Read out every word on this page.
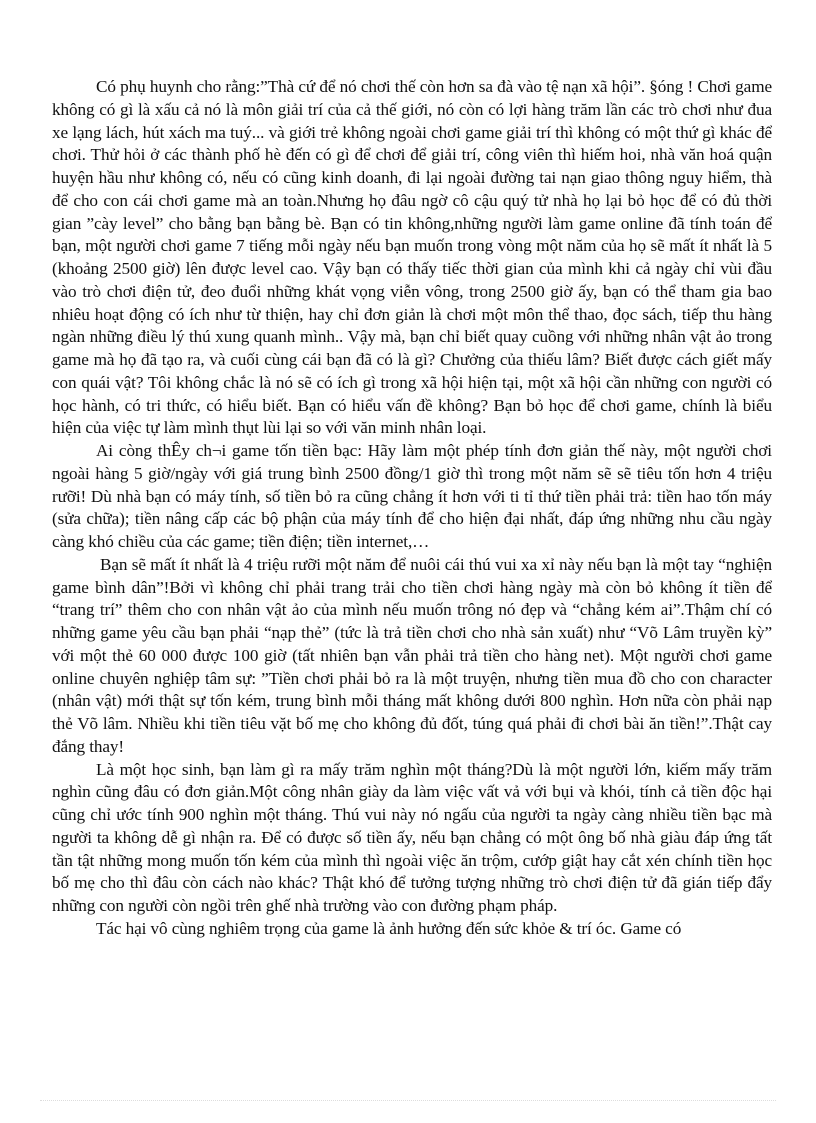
Có phụ huynh cho rằng:”Thà cứ để nó chơi thế còn hơn sa đà vào tệ nạn xã hội”. §óng ! Chơi game không có gì là xấu cả nó là môn giải trí của cả thế giới, nó còn có lợi hàng trăm lần các trò chơi như đua xe lạng lách, hút xách ma tuý... và giới trẻ không ngoài chơi game giải trí thì không có một thứ gì khác để chơi. Thử hỏi ở các thành phố hè đến có gì để chơi để giải trí, công viên thì hiếm hoi, nhà văn hoá quận huyện hầu như không có, nếu có cũng kinh doanh, đi lại ngoài đường tai nạn giao thông nguy hiểm, thà để cho con cái chơi game mà an toàn.Nhưng họ đâu ngờ cô cậu quý tử nhà họ lại bỏ học để có đủ thời gian ”cày level” cho bằng bạn bằng bè. Bạn có tin không,những người làm game online đã tính toán để bạn, một người chơi game 7 tiếng mỗi ngày nếu bạn muốn trong vòng một năm của họ sẽ mất ít nhất là 5 (khoảng 2500 giờ) lên được level cao. Vậy bạn có thấy tiếc thời gian của mình khi cả ngày chỉ vùi đầu vào trò chơi điện tử, đeo đuổi những khát vọng viễn vông, trong 2500 giờ ấy, bạn có thể tham gia bao nhiêu hoạt động có ích như từ thiện, hay chỉ đơn giản là chơi một môn thể thao, đọc sách, tiếp thu hàng ngàn những điều lý thú xung quanh mình.. Vậy mà, bạn chỉ biết quay cuồng với những nhân vật ảo trong game mà họ đã tạo ra, và cuối cùng cái bạn đã có là gì? Chưởng của thiếu lâm? Biết được cách giết mấy con quái vật? Tôi không chắc là nó sẽ có ích gì trong xã hội hiện tại, một xã hội cần những con người có học hành, có tri thức, có hiểu biết. Bạn có hiểu vấn đề không? Bạn bỏ học để chơi game, chính là biểu hiện của việc tự làm mình thụt lùi lại so với văn minh nhân loại.

Ai còng thÊy ch¬i game tốn tiền bạc: Hãy làm một phép tính đơn giản thế này, một người chơi ngoài hàng 5 giờ/ngày với giá trung bình 2500 đồng/1 giờ thì trong một năm sẽ sẽ tiêu tốn hơn 4 triệu rưỡi! Dù nhà bạn có máy tính, số tiền bỏ ra cũng chẳng ít hơn với ti tỉ thứ tiền phải trả: tiền hao tốn máy (sửa chữa); tiền nâng cấp các bộ phận của máy tính để cho hiện đại nhất, đáp ứng những nhu cầu ngày càng khó chiều của các game; tiền điện; tiền internet,…

Bạn sẽ mất ít nhất là 4 triệu rưỡi một năm để nuôi cái thú vui xa xỉ này nếu bạn là một tay “nghiện game bình dân”!Bởi vì không chỉ phải trang trải cho tiền chơi hàng ngày mà còn bỏ không ít tiền để “trang trí” thêm cho con nhân vật ảo của mình nếu muốn trông nó đẹp và “chẳng kém ai”.Thậm chí có những game yêu cầu bạn phải “nạp thẻ” (tức là trả tiền chơi cho nhà sản xuất) như “Võ Lâm truyền kỳ” với một thẻ 60 000 được 100 giờ (tất nhiên bạn vẫn phải trả tiền cho hàng net). Một người chơi game online chuyên nghiệp tâm sự: ”Tiền chơi phải bỏ ra là một truyện, nhưng tiền mua đồ cho con character (nhân vật) mới thật sự tốn kém, trung bình mỗi tháng mất không dưới 800 nghìn. Hơn nữa còn phải nạp thẻ Võ lâm. Nhiều khi tiền tiêu vặt bố mẹ cho không đủ đốt, túng quá phải đi chơi bài ăn tiền!”.Thật cay đắng thay!

Là một học sinh, bạn làm gì ra mấy trăm nghìn một tháng?Dù là một người lớn, kiếm mấy trăm nghìn cũng đâu có đơn giản.Một công nhân giày da làm việc vất vả với bụi và khói, tính cả tiền độc hại cũng chỉ ước tính 900 nghìn một tháng. Thú vui này nó ngấu của người ta ngày càng nhiều tiền bạc mà người ta không dễ gì nhận ra. Để có được số tiền ấy, nếu bạn chẳng có một ông bố nhà giàu đáp ứng tất tần tật những mong muốn tốn kém của mình thì ngoài việc ăn trộm, cướp giật hay cắt xén chính tiền học bố mẹ cho thì đâu còn cách nào khác? Thật khó để tưởng tượng những trò chơi điện tử đã gián tiếp đẩy những con người còn ngồi trên ghế nhà trường vào con đường phạm pháp.

Tác hại vô cùng nghiêm trọng của game là ảnh hưởng đến sức khỏe & trí óc. Game có
